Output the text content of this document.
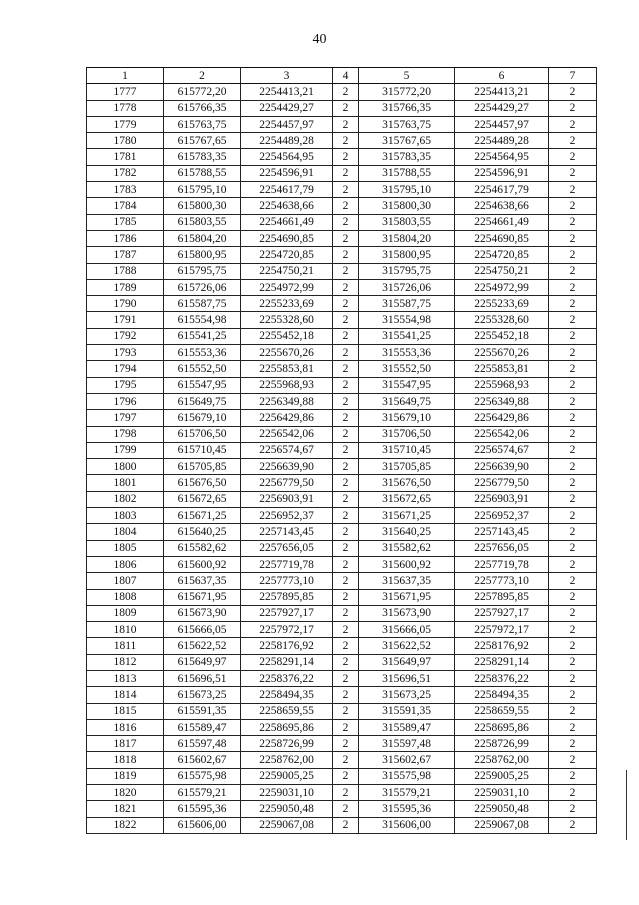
40
1	2	3	4	5	6	7
1777	615772,20	2254413,21	2	315772,20	2254413,21	2
1778	615766,35	2254429,27	2	315766,35	2254429,27	2
1779	615763,75	2254457,97	2	315763,75	2254457,97	2
1780	615767,65	2254489,28	2	315767,65	2254489,28	2
1781	615783,35	2254564,95	2	315783,35	2254564,95	2
1782	615788,55	2254596,91	2	315788,55	2254596,91	2
1783	615795,10	2254617,79	2	315795,10	2254617,79	2
1784	615800,30	2254638,66	2	315800,30	2254638,66	2
1785	615803,55	2254661,49	2	315803,55	2254661,49	2
1786	615804,20	2254690,85	2	315804,20	2254690,85	2
1787	615800,95	2254720,85	2	315800,95	2254720,85	2
1788	615795,75	2254750,21	2	315795,75	2254750,21	2
1789	615726,06	2254972,99	2	315726,06	2254972,99	2
1790	615587,75	2255233,69	2	315587,75	2255233,69	2
1791	615554,98	2255328,60	2	315554,98	2255328,60	2
1792	615541,25	2255452,18	2	315541,25	2255452,18	2
1793	615553,36	2255670,26	2	315553,36	2255670,26	2
1794	615552,50	2255853,81	2	315552,50	2255853,81	2
1795	615547,95	2255968,93	2	315547,95	2255968,93	2
1796	615649,75	2256349,88	2	315649,75	2256349,88	2
1797	615679,10	2256429,86	2	315679,10	2256429,86	2
1798	615706,50	2256542,06	2	315706,50	2256542,06	2
1799	615710,45	2256574,67	2	315710,45	2256574,67	2
1800	615705,85	2256639,90	2	315705,85	2256639,90	2
1801	615676,50	2256779,50	2	315676,50	2256779,50	2
1802	615672,65	2256903,91	2	315672,65	2256903,91	2
1803	615671,25	2256952,37	2	315671,25	2256952,37	2
1804	615640,25	2257143,45	2	315640,25	2257143,45	2
1805	615582,62	2257656,05	2	315582,62	2257656,05	2
1806	615600,92	2257719,78	2	315600,92	2257719,78	2
1807	615637,35	2257773,10	2	315637,35	2257773,10	2
1808	615671,95	2257895,85	2	315671,95	2257895,85	2
1809	615673,90	2257927,17	2	315673,90	2257927,17	2
1810	615666,05	2257972,17	2	315666,05	2257972,17	2
1811	615622,52	2258176,92	2	315622,52	2258176,92	2
1812	615649,97	2258291,14	2	315649,97	2258291,14	2
1813	615696,51	2258376,22	2	315696,51	2258376,22	2
1814	615673,25	2258494,35	2	315673,25	2258494,35	2
1815	615591,35	2258659,55	2	315591,35	2258659,55	2
1816	615589,47	2258695,86	2	315589,47	2258695,86	2
1817	615597,48	2258726,99	2	315597,48	2258726,99	2
1818	615602,67	2258762,00	2	315602,67	2258762,00	2
1819	615575,98	2259005,25	2	315575,98	2259005,25	2
1820	615579,21	2259031,10	2	315579,21	2259031,10	2
1821	615595,36	2259050,48	2	315595,36	2259050,48	2
1822	615606,00	2259067,08	2	315606,00	2259067,08	2
